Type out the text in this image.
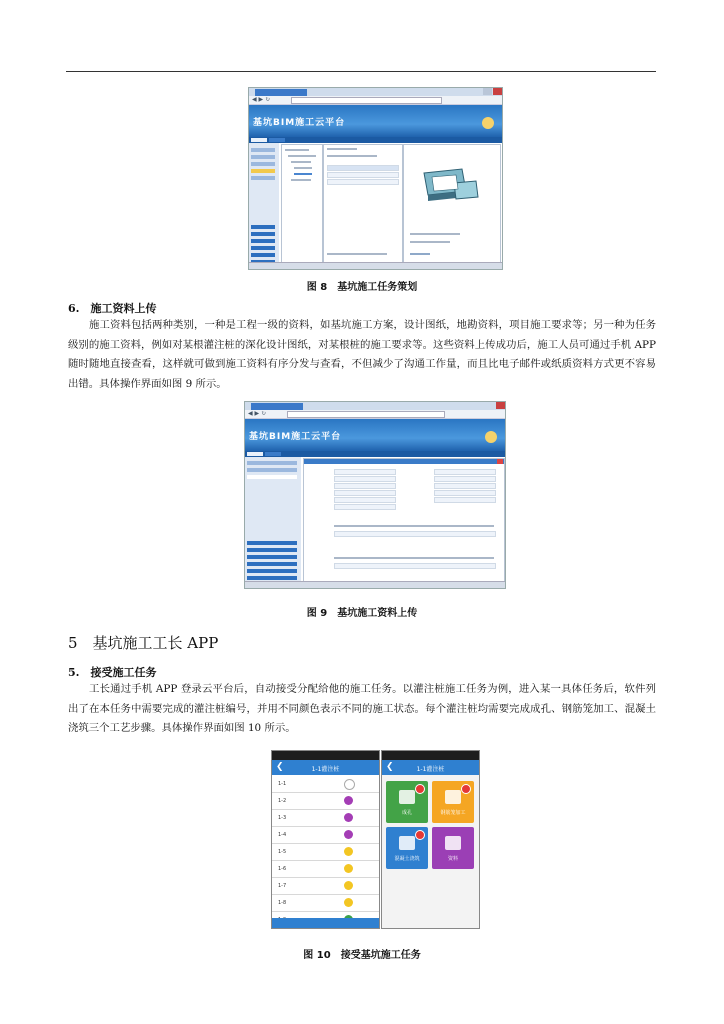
◀ ▶ ↻
基坑BIM施工云平台
图 8　基坑施工任务策划
6.　施工资料上传
施工资料包括两种类别，一种是工程一级的资料，如基坑施工方案，设计图纸，地勘资料，项目施工要求等；另一种为任务级别的施工资料，例如对某根灌注桩的深化设计图纸，对某根桩的施工要求等。这些资料上传成功后，施工人员可通过手机 APP 随时随地直接查看，这样就可做到施工资料有序分发与查看，不但减少了沟通工作量，而且比电子邮件或纸质资料方式更不容易出错。具体操作界面如图 9 所示。
◀ ▶ ↻
基坑BIM施工云平台
图 9　基坑施工资料上传
5　基坑施工工长 APP
5.　接受施工任务
工长通过手机 APP 登录云平台后，自动接受分配给他的施工任务。以灌注桩施工任务为例，进入某一具体任务后，软件列出了在本任务中需要完成的灌注桩编号，并用不同颜色表示不同的施工状态。每个灌注桩均需要完成成孔、钢筋笼加工、混凝土浇筑三个工艺步骤。具体操作界面如图 10 所示。
❮	1-1灌注桩
1-1
1-2
1-3
1-4
1-5
1-6
1-7
1-8
❮	1-1灌注桩
成孔	钢筋笼加工
混凝土浇筑	资料
图 10　接受基坑施工任务
